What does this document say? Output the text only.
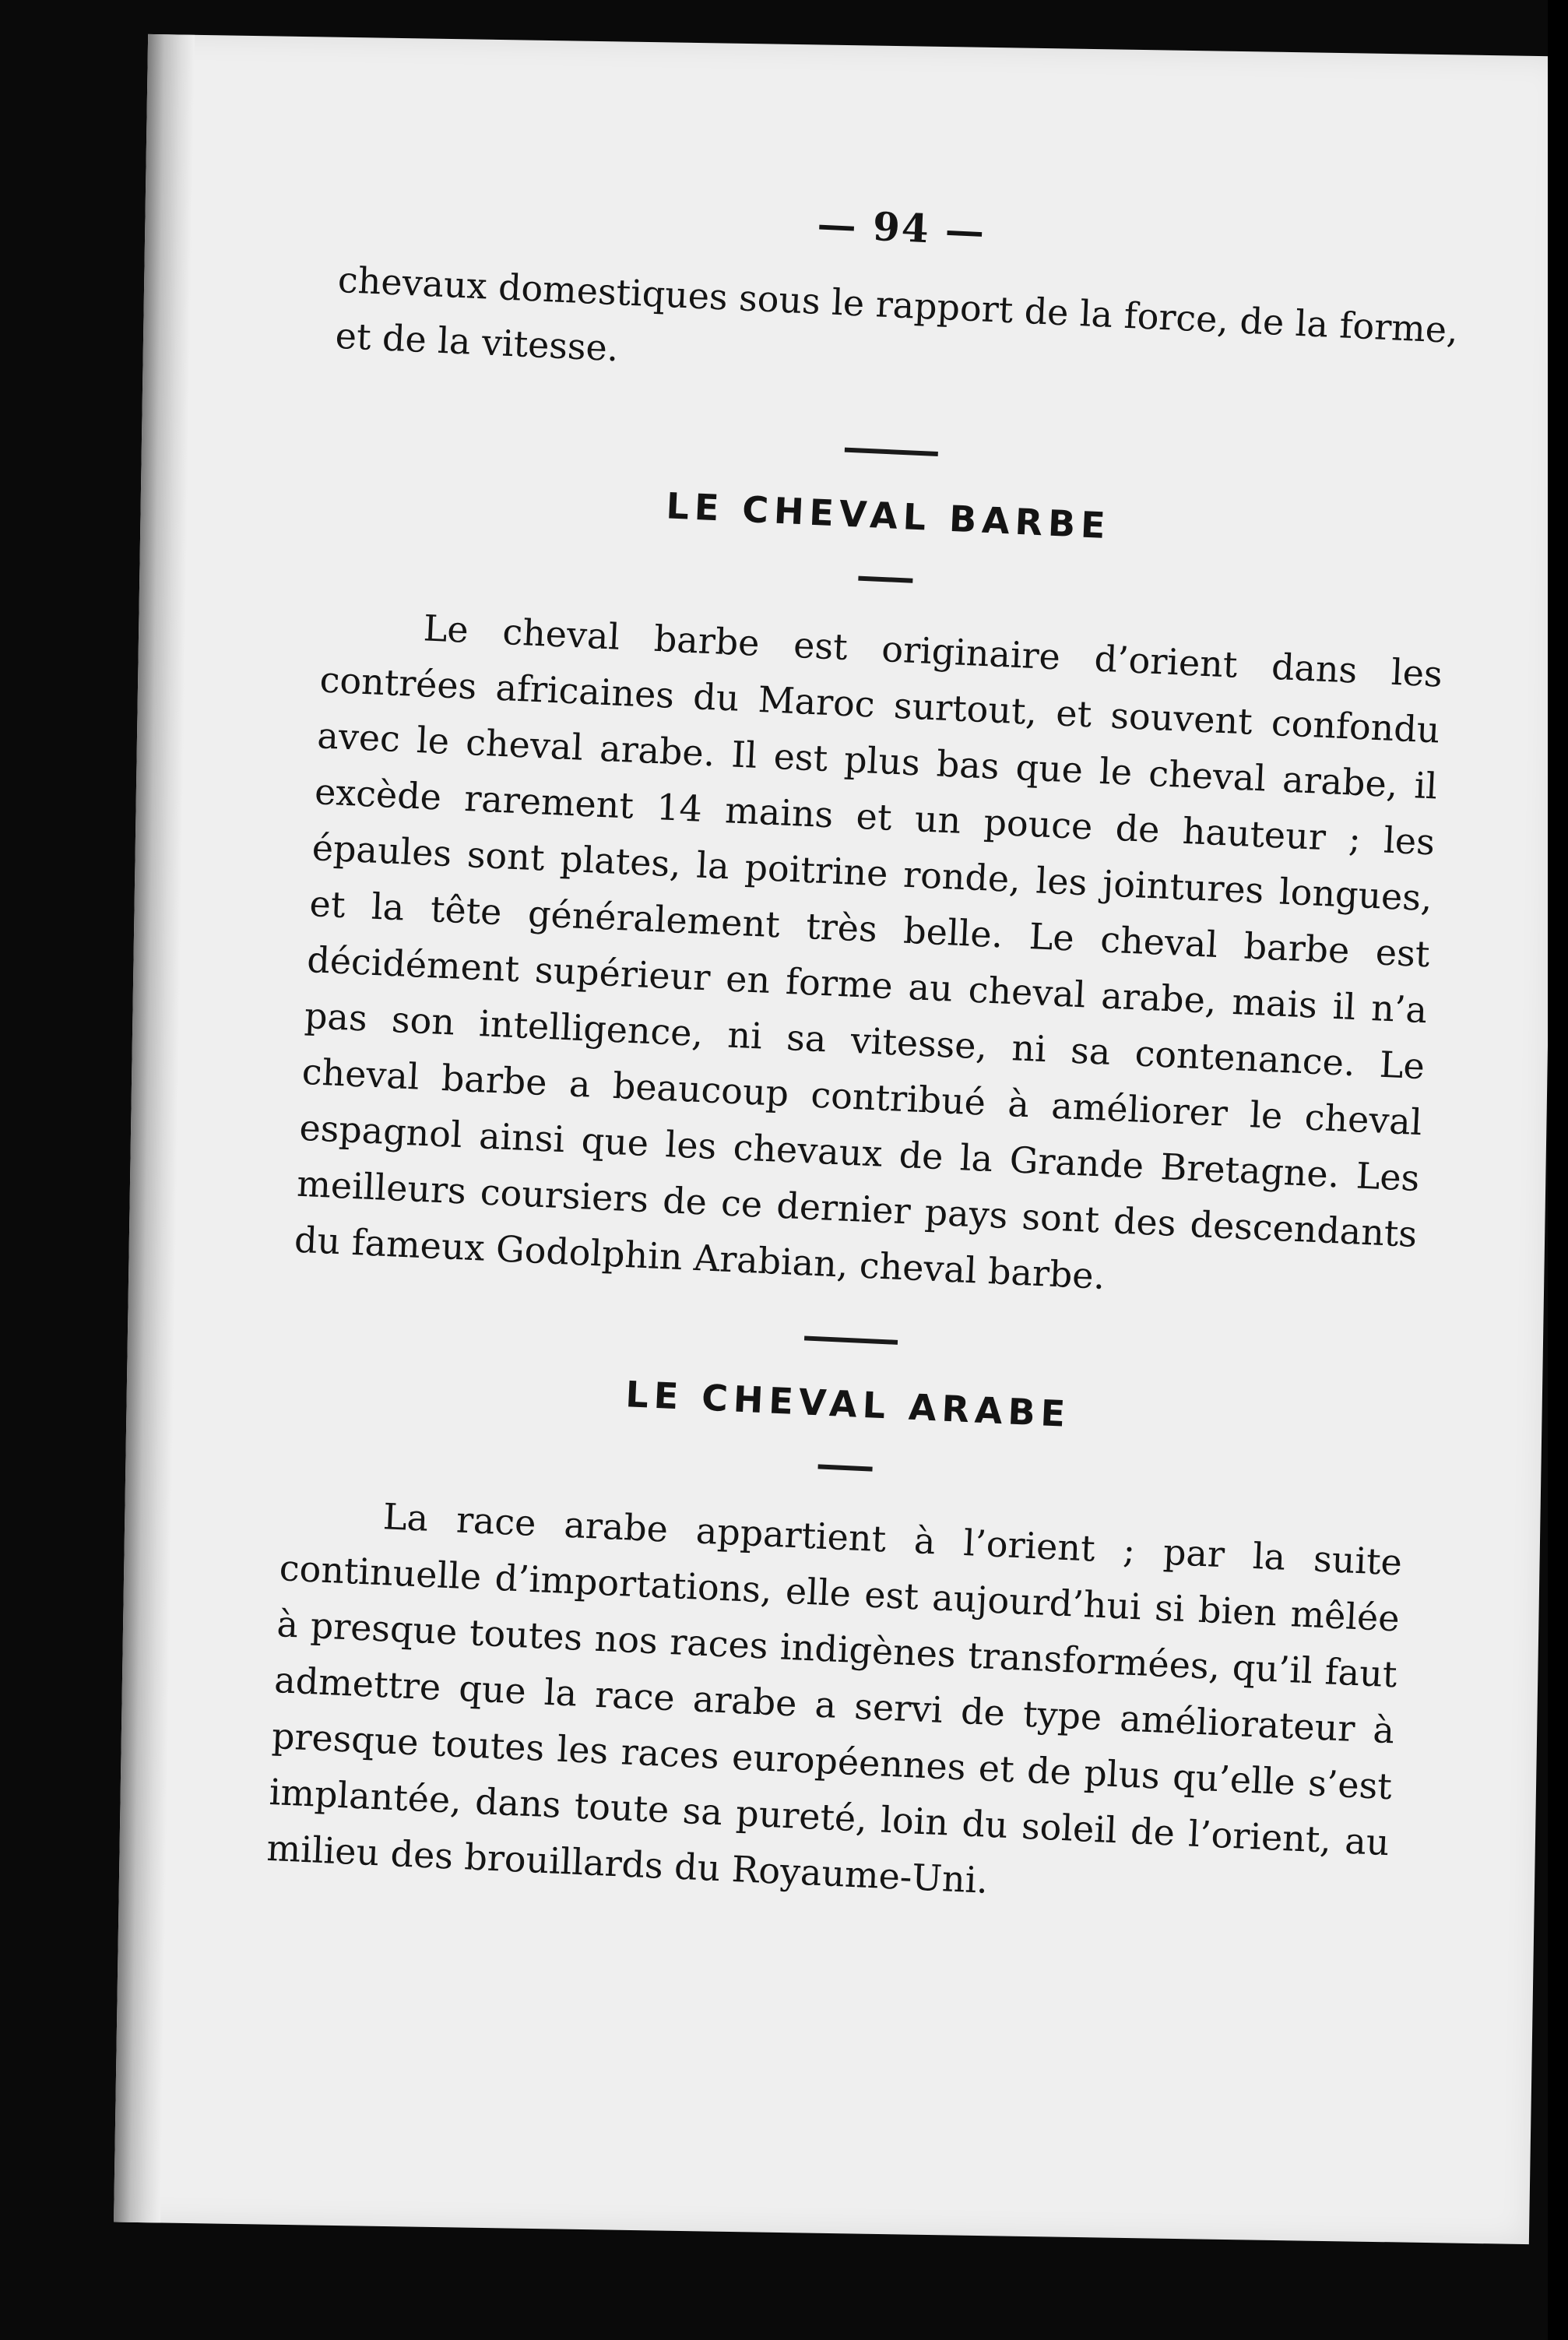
— 94 —

chevaux domestiques sous le rapport de la force, de la forme, et de la vitesse.

LE CHEVAL BARBE

Le cheval barbe est originaire d’orient dans les contrées africaines du Maroc surtout, et souvent confondu avec le cheval arabe. Il est plus bas que le cheval arabe, il excède rarement 14 mains et un pouce de hauteur ; les épaules sont plates, la poitrine ronde, les jointures longues, et la tête généralement très belle. Le cheval barbe est décidément supérieur en forme au cheval arabe, mais il n’a pas son intelligence, ni sa vitesse, ni sa contenance. Le cheval barbe a beaucoup contribué à améliorer le cheval espagnol ainsi que les chevaux de la Grande Bretagne. Les meilleurs coursiers de ce dernier pays sont des descendants du fameux Godolphin Arabian, cheval barbe.

LE CHEVAL ARABE

La race arabe appartient à l’orient ; par la suite continuelle d’importations, elle est aujourd’hui si bien mêlée à presque toutes nos races indigènes transformées, qu’il faut admettre que la race arabe a servi de type améliorateur à presque toutes les races européennes et de plus qu’elle s’est implantée, dans toute sa pureté, loin du soleil de l’orient, au milieu des brouillards du Royaume-Uni.
